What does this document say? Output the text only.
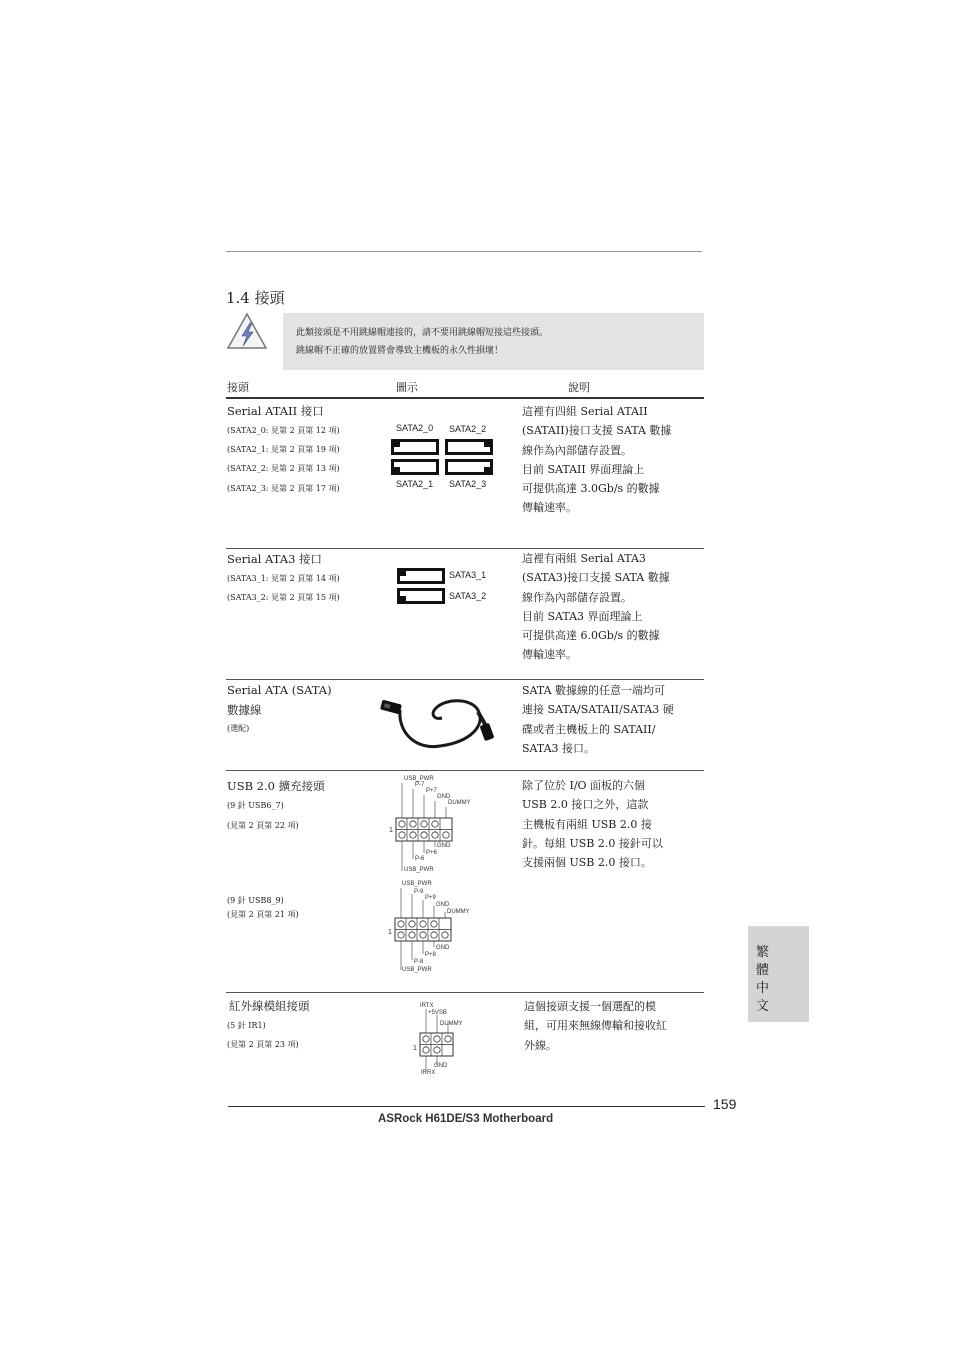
1.4 接頭
此類接頭是不用跳線帽連接的，請不要用跳線帽短接這些接頭。
跳線帽不正確的放置將會導致主機板的永久性損壞！
接頭	圖示	說明
Serial ATAII 接口
(SATA2_0: 見第 2 頁第 12 項)
(SATA2_1: 見第 2 頁第 19 項)
(SATA2_2: 見第 2 頁第 13 項)
(SATA2_3: 見第 2 頁第 17 項)
SATA2_0 SATA2_2
SATA2_1 SATA2_3
這裡有四組 Serial ATAII
(SATAII)接口支援 SATA 數據
線作為內部儲存設置。
目前 SATAII 界面理論上
可提供高達 3.0Gb/s 的數據
傳輸速率。
Serial ATA3 接口
(SATA3_1: 見第 2 頁第 14 項)
(SATA3_2: 見第 2 頁第 15 項)
SATA3_1
SATA3_2
這裡有兩組 Serial ATA3
(SATA3)接口支援 SATA 數據
線作為內部儲存設置。
目前 SATA3 界面理論上
可提供高達 6.0Gb/s 的數據
傳輸速率。
Serial ATA (SATA)
數據線
(選配)
SATA 數據線的任意一端均可
連接 SATA/SATAII/SATA3 硬
碟或者主機板上的 SATAII/
SATA3 接口。
USB 2.0 擴充接頭
(9 針 USB6_7)
(見第 2 頁第 22 項)
(9 針 USB8_9)
(見第 2 頁第 21 項)
USB_PWR
P-7
P+7
GND
DUMMY
1
GND
P+6
P-6
USB_PWR
USB_PWR
P-9
P+9
GND
DUMMY
1
GND
P+8
P-8
USB_PWR
除了位於 I/O 面板的六個
USB 2.0 接口之外，這款
主機板有兩組 USB 2.0 接
針。每組 USB 2.0 接針可以
支援兩個 USB 2.0 接口。
紅外線模組接頭
(5 針 IR1)
(見第 2 頁第 23 項)
IRTX
+5VSB
DUMMY
1
GND
IRRX
這個接頭支援一個選配的模
組，可用來無線傳輸和接收紅
外線。
繁體中文
159
ASRock H61DE/S3 Motherboard
